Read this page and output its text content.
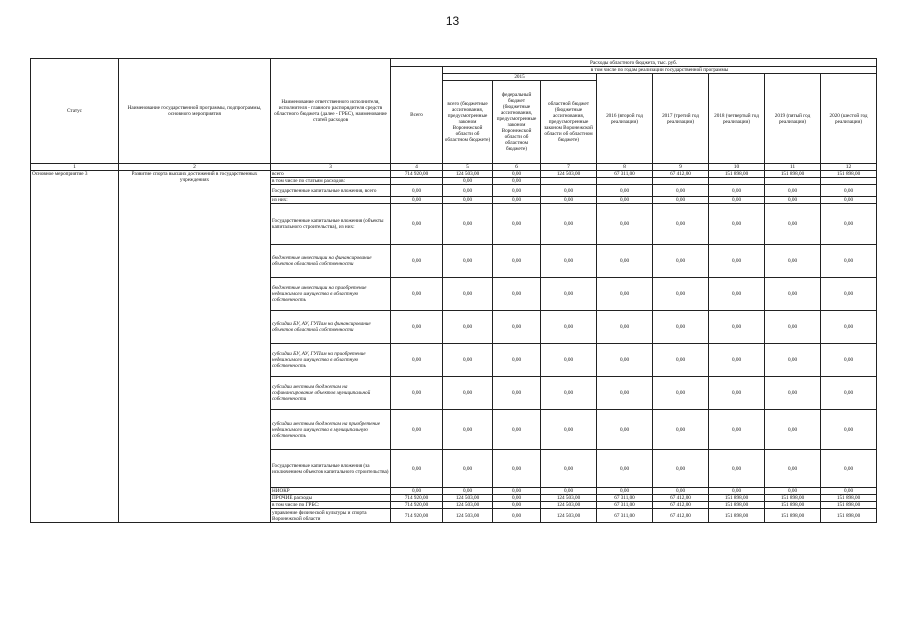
13
Статус	Наименование государственной программы, подпрограммы, основного мероприятия	Наименование ответственного исполнителя, исполнителя - главного распорядителя средств областного бюджета (далее - ГРБС), наименование статей расходов	Расходы областного бюджета, тыс. руб.								
			Всего	в том числе по годам реализации государственной программы							
				2015			2016 (второй год реализации)	2017 (третий год реализации)	2018 (четвертый год реализации)	2019 (пятый год реализации)	2020 (шестой год реализации)
				всего (бюджетные ассигнования, предусмотренные законом Воронежской области об областном бюджете)	федеральный бюджет (бюджетные ассигнования, предусмотренные законом Воронежской области об областном бюджете)	областной бюджет (бюджетные ассигнования, предусмотренные законом Воронежской области об областном бюджете)					
1	2	3	4	5	6	7	8	9	10	11	12
Основное мероприятие 3	Развитие спорта высших достижений в государственных учреждениях	всего	714 920,00	124 503,00	0,00	124 503,00	67 311,00	67 412,00	151 898,00	151 898,00	151 898,00
		в том числе по статьям расходов:		0,00	0,00						
		Государственные капитальные вложения, всего	0,00	0,00	0,00	0,00	0,00	0,00	0,00	0,00	0,00
		из них:	0,00	0,00	0,00	0,00	0,00	0,00	0,00	0,00	0,00
		Государственные капитальные вложения (объекты капитального строительства), из них:	0,00	0,00	0,00	0,00	0,00	0,00	0,00	0,00	0,00
		бюджетные инвестиции на финансирование объектов областной собственности	0,00	0,00	0,00	0,00	0,00	0,00	0,00	0,00	0,00
		бюджетные инвестиции на приобретение недвижимого имущества в областную собственность	0,00	0,00	0,00	0,00	0,00	0,00	0,00	0,00	0,00
		субсидии БУ, АУ, ГУПам на финансирование объектов областной собственности	0,00	0,00	0,00	0,00	0,00	0,00	0,00	0,00	0,00
		субсидии БУ, АУ, ГУПам на приобретение недвижимого имущества в областную собственность	0,00	0,00	0,00	0,00	0,00	0,00	0,00	0,00	0,00
		субсидии местным бюджетам на софинансирование объектов муниципальной собственности	0,00	0,00	0,00	0,00	0,00	0,00	0,00	0,00	0,00
		субсидии местным бюджетам на приобретение недвижимого имущества в муниципальную собственность	0,00	0,00	0,00	0,00	0,00	0,00	0,00	0,00	0,00
		Государственные капитальные вложения (за исключением объектов капитального строительства)	0,00	0,00	0,00	0,00	0,00	0,00	0,00	0,00	0,00
		НИОКР	0,00	0,00	0,00	0,00	0,00	0,00	0,00	0,00	0,00
		ПРОЧИЕ расходы	714 920,00	124 503,00	0,00	124 503,00	67 311,00	67 412,00	151 898,00	151 898,00	151 898,00
		в том числе по ГРБС:	714 920,00	124 503,00	0,00	124 503,00	67 311,00	67 412,00	151 898,00	151 898,00	151 898,00
		управление физической культуры и спорта Воронежской области	714 920,00	124 503,00	0,00	124 503,00	67 311,00	67 412,00	151 898,00	151 898,00	151 898,00
